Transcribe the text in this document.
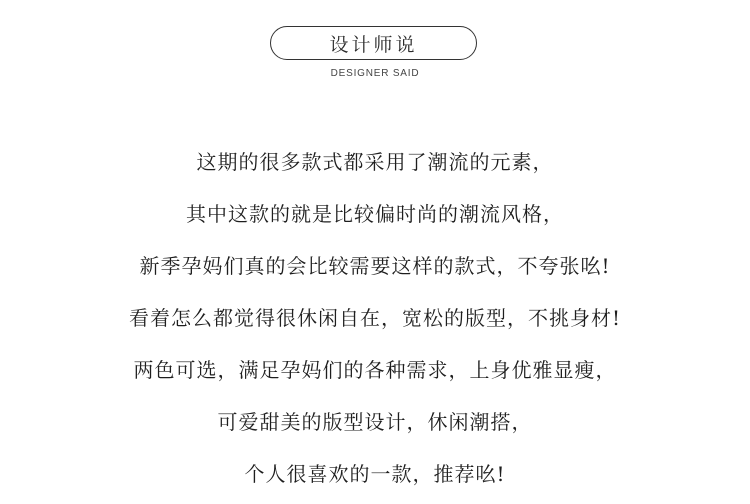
设计师说
DESIGNER SAID
这期的很多款式都采用了潮流的元素，
其中这款的就是比较偏时尚的潮流风格，
新季孕妈们真的会比较需要这样的款式，不夸张吆!
看着怎么都觉得很休闲自在，宽松的版型，不挑身材!
两色可选，满足孕妈们的各种需求，上身优雅显瘦，
可爱甜美的版型设计，休闲潮搭，
个人很喜欢的一款，推荐吆!
